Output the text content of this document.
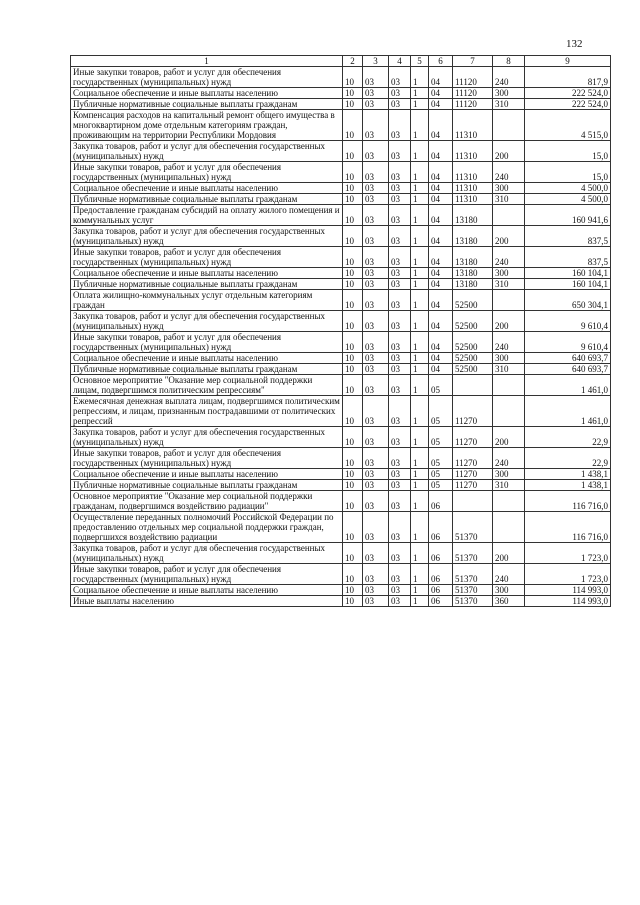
132
1	2	3	4	5	6	7	8	9
Иные закупки товаров, работ и услуг для обеспечения государственных (муниципальных) нужд	10	03	03	1	04	11120	240	817,9
Социальное обеспечение и иные выплаты населению	10	03	03	1	04	11120	300	222 524,0
Публичные нормативные социальные выплаты гражданам	10	03	03	1	04	11120	310	222 524,0
Компенсация расходов на капитальный ремонт общего имущества в многоквартирном доме отдельным категориям граждан, проживающим на территории Республики Мордовия	10	03	03	1	04	11310		4 515,0
Закупка товаров, работ и услуг для обеспечения государственных (муниципальных) нужд	10	03	03	1	04	11310	200	15,0
Иные закупки товаров, работ и услуг для обеспечения государственных (муниципальных) нужд	10	03	03	1	04	11310	240	15,0
Социальное обеспечение и иные выплаты населению	10	03	03	1	04	11310	300	4 500,0
Публичные нормативные социальные выплаты гражданам	10	03	03	1	04	11310	310	4 500,0
Предоставление гражданам субсидий на оплату жилого помещения и коммунальных услуг	10	03	03	1	04	13180		160 941,6
Закупка товаров, работ и услуг для обеспечения государственных (муниципальных) нужд	10	03	03	1	04	13180	200	837,5
Иные закупки товаров, работ и услуг для обеспечения государственных (муниципальных) нужд	10	03	03	1	04	13180	240	837,5
Социальное обеспечение и иные выплаты населению	10	03	03	1	04	13180	300	160 104,1
Публичные нормативные социальные выплаты гражданам	10	03	03	1	04	13180	310	160 104,1
Оплата жилищно-коммунальных услуг отдельным категориям граждан	10	03	03	1	04	52500		650 304,1
Закупка товаров, работ и услуг для обеспечения государственных (муниципальных) нужд	10	03	03	1	04	52500	200	9 610,4
Иные закупки товаров, работ и услуг для обеспечения государственных (муниципальных) нужд	10	03	03	1	04	52500	240	9 610,4
Социальное обеспечение и иные выплаты населению	10	03	03	1	04	52500	300	640 693,7
Публичные нормативные социальные выплаты гражданам	10	03	03	1	04	52500	310	640 693,7
Основное мероприятие "Оказание мер социальной поддержки лицам, подвергшимся политическим репрессиям"	10	03	03	1	05			1 461,0
Ежемесячная денежная выплата лицам, подвергшимся политическим репрессиям, и лицам, признанным пострадавшими от политических репрессий	10	03	03	1	05	11270		1 461,0
Закупка товаров, работ и услуг для обеспечения государственных (муниципальных) нужд	10	03	03	1	05	11270	200	22,9
Иные закупки товаров, работ и услуг для обеспечения государственных (муниципальных) нужд	10	03	03	1	05	11270	240	22,9
Социальное обеспечение и иные выплаты населению	10	03	03	1	05	11270	300	1 438,1
Публичные нормативные социальные выплаты гражданам	10	03	03	1	05	11270	310	1 438,1
Основное мероприятие "Оказание мер социальной поддержки гражданам, подвергшимся воздействию радиации"	10	03	03	1	06			116 716,0
Осуществление переданных полномочий Российской Федерации по предоставлению отдельных мер социальной поддержки граждан, подвергшихся воздействию радиации	10	03	03	1	06	51370		116 716,0
Закупка товаров, работ и услуг для обеспечения государственных (муниципальных) нужд	10	03	03	1	06	51370	200	1 723,0
Иные закупки товаров, работ и услуг для обеспечения государственных (муниципальных) нужд	10	03	03	1	06	51370	240	1 723,0
Социальное обеспечение и иные выплаты населению	10	03	03	1	06	51370	300	114 993,0
Иные выплаты населению	10	03	03	1	06	51370	360	114 993,0
